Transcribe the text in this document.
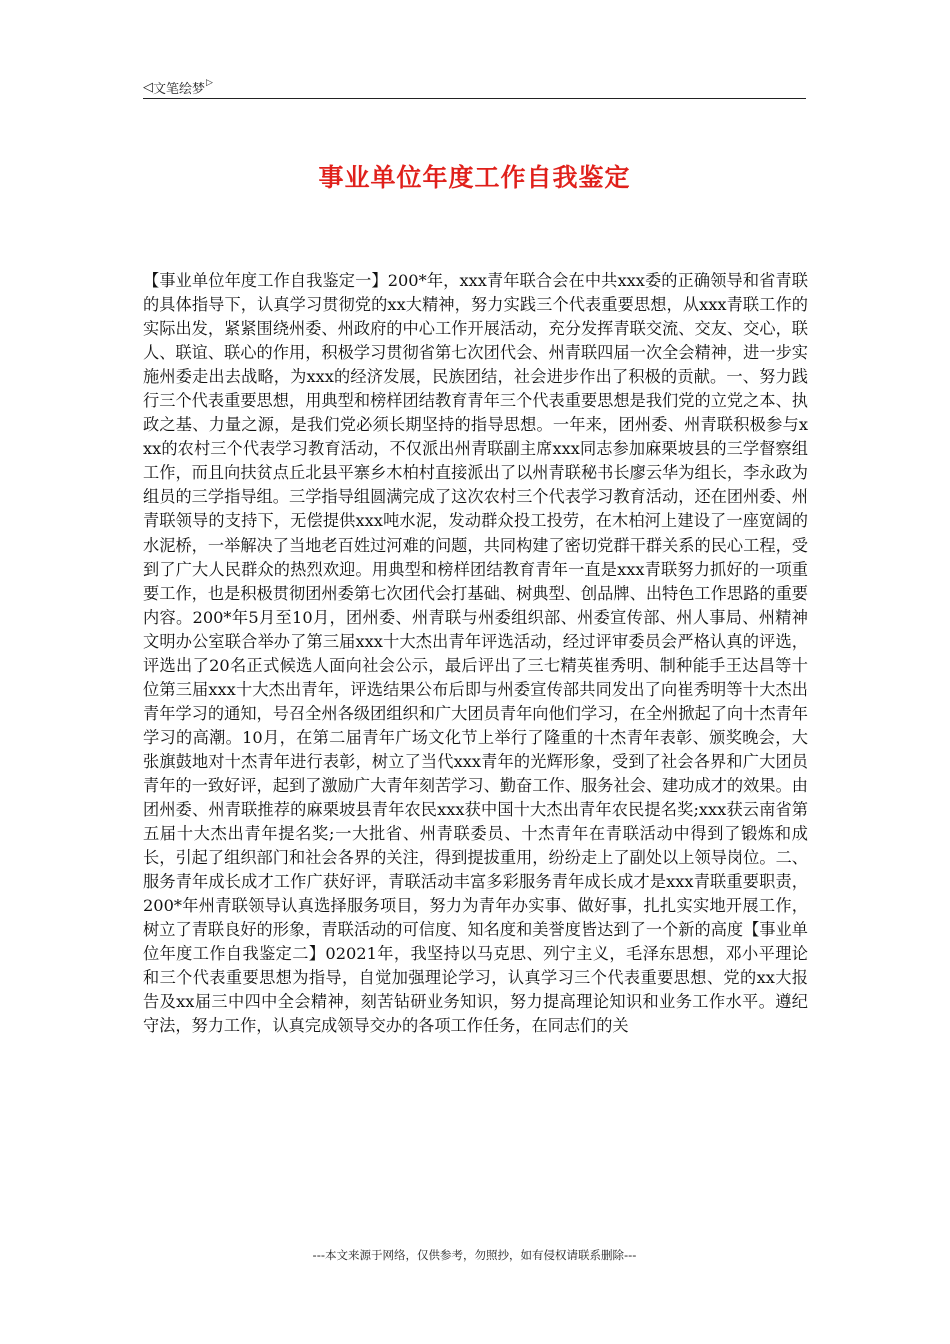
◁ 文笔绘梦 ▷
事业单位年度工作自我鉴定
【事业单位年度工作自我鉴定一】200*年，xxx青年联合会在中共xxx委的正确领导和省青联的具体指导下，认真学习贯彻党的xx大精神，努力实践三个代表重要思想，从xxx青联工作的实际出发，紧紧围绕州委、州政府的中心工作开展活动，充分发挥青联交流、交友、交心，联人、联谊、联心的作用，积极学习贯彻省第七次团代会、州青联四届一次全会精神，进一步实施州委走出去战略，为xxx的经济发展，民族团结，社会进步作出了积极的贡献。一、努力践行三个代表重要思想，用典型和榜样团结教育青年三个代表重要思想是我们党的立党之本、执政之基、力量之源，是我们党必须长期坚持的指导思想。一年来，团州委、州青联积极参与xxx的农村三个代表学习教育活动，不仅派出州青联副主席xxx同志参加麻栗坡县的三学督察组工作，而且向扶贫点丘北县平寨乡木柏村直接派出了以州青联秘书长廖云华为组长，李永政为组员的三学指导组。三学指导组圆满完成了这次农村三个代表学习教育活动，还在团州委、州青联领导的支持下，无偿提供xxx吨水泥，发动群众投工投劳，在木柏河上建设了一座宽阔的水泥桥，一举解决了当地老百姓过河难的问题，共同构建了密切党群干群关系的民心工程，受到了广大人民群众的热烈欢迎。用典型和榜样团结教育青年一直是xxx青联努力抓好的一项重要工作，也是积极贯彻团州委第七次团代会打基础、树典型、创品牌、出特色工作思路的重要内容。200*年5月至10月，团州委、州青联与州委组织部、州委宣传部、州人事局、州精神文明办公室联合举办了第三届xxx十大杰出青年评选活动，经过评审委员会严格认真的评选，评选出了20名正式候选人面向社会公示，最后评出了三七精英崔秀明、制种能手王达昌等十位第三届xxx十大杰出青年，评选结果公布后即与州委宣传部共同发出了向崔秀明等十大杰出青年学习的通知，号召全州各级团组织和广大团员青年向他们学习，在全州掀起了向十杰青年学习的高潮。10月，在第二届青年广场文化节上举行了隆重的十杰青年表彰、颁奖晚会，大张旗鼓地对十杰青年进行表彰，树立了当代xxx青年的光辉形象，受到了社会各界和广大团员青年的一致好评，起到了激励广大青年刻苦学习、勤奋工作、服务社会、建功成才的效果。由团州委、州青联推荐的麻栗坡县青年农民xxx获中国十大杰出青年农民提名奖;xxx获云南省第五届十大杰出青年提名奖;一大批省、州青联委员、十杰青年在青联活动中得到了锻炼和成长，引起了组织部门和社会各界的关注，得到提拔重用，纷纷走上了副处以上领导岗位。二、服务青年成长成才工作广获好评，青联活动丰富多彩服务青年成长成才是xxx青联重要职责，200*年州青联领导认真选择服务项目，努力为青年办实事、做好事，扎扎实实地开展工作，树立了青联良好的形象，青联活动的可信度、知名度和美誉度皆达到了一个新的高度【事业单位年度工作自我鉴定二】02021年，我坚持以马克思、列宁主义，毛泽东思想，邓小平理论和三个代表重要思想为指导，自觉加强理论学习，认真学习三个代表重要思想、党的xx大报告及xx届三中四中全会精神，刻苦钻研业务知识，努力提高理论知识和业务工作水平。遵纪守法，努力工作，认真完成领导交办的各项工作任务，在同志们的关
---本文来源于网络，仅供参考，勿照抄，如有侵权请联系删除---
